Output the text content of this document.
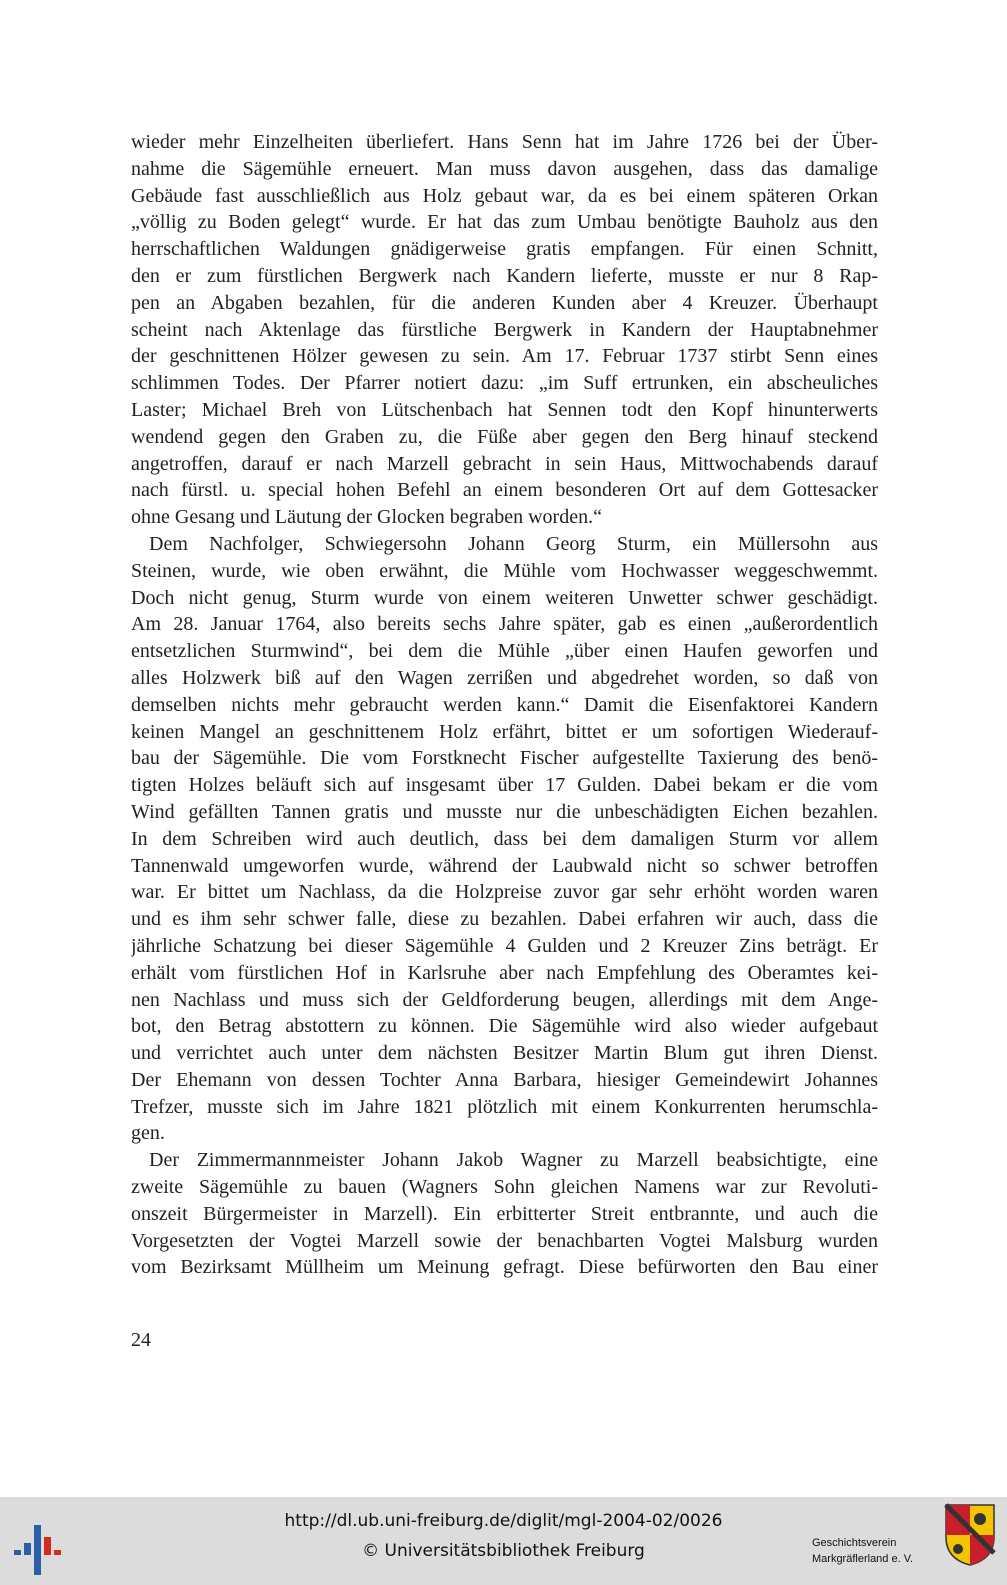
wieder mehr Einzelheiten überliefert. Hans Senn hat im Jahre 1726 bei der Über-
nahme die Sägemühle erneuert. Man muss davon ausgehen, dass das damalige
Gebäude fast ausschließlich aus Holz gebaut war, da es bei einem späteren Orkan
„völlig zu Boden gelegt“ wurde. Er hat das zum Umbau benötigte Bauholz aus den
herrschaftlichen Waldungen gnädigerweise gratis empfangen. Für einen Schnitt,
den er zum fürstlichen Bergwerk nach Kandern lieferte, musste er nur 8 Rap-
pen an Abgaben bezahlen, für die anderen Kunden aber 4 Kreuzer. Überhaupt
scheint nach Aktenlage das fürstliche Bergwerk in Kandern der Hauptabnehmer
der geschnittenen Hölzer gewesen zu sein. Am 17. Februar 1737 stirbt Senn eines
schlimmen Todes. Der Pfarrer notiert dazu: „im Suff ertrunken, ein abscheuliches
Laster; Michael Breh von Lütschenbach hat Sennen todt den Kopf hinunterwerts
wendend gegen den Graben zu, die Füße aber gegen den Berg hinauf steckend
angetroffen, darauf er nach Marzell gebracht in sein Haus, Mittwochabends darauf
nach fürstl. u. special hohen Befehl an einem besonderen Ort auf dem Gottesacker
ohne Gesang und Läutung der Glocken begraben worden.“
Dem Nachfolger, Schwiegersohn Johann Georg Sturm, ein Müllersohn aus
Steinen, wurde, wie oben erwähnt, die Mühle vom Hochwasser weggeschwemmt.
Doch nicht genug, Sturm wurde von einem weiteren Unwetter schwer geschädigt.
Am 28. Januar 1764, also bereits sechs Jahre später, gab es einen „außerordentlich
entsetzlichen Sturmwind“, bei dem die Mühle „über einen Haufen geworfen und
alles Holzwerk biß auf den Wagen zerrißen und abgedrehet worden, so daß von
demselben nichts mehr gebraucht werden kann.“ Damit die Eisenfaktorei Kandern
keinen Mangel an geschnittenem Holz erfährt, bittet er um sofortigen Wiederauf-
bau der Sägemühle. Die vom Forstknecht Fischer aufgestellte Taxierung des benö-
tigten Holzes beläuft sich auf insgesamt über 17 Gulden. Dabei bekam er die vom
Wind gefällten Tannen gratis und musste nur die unbeschädigten Eichen bezahlen.
In dem Schreiben wird auch deutlich, dass bei dem damaligen Sturm vor allem
Tannenwald umgeworfen wurde, während der Laubwald nicht so schwer betroffen
war. Er bittet um Nachlass, da die Holzpreise zuvor gar sehr erhöht worden waren
und es ihm sehr schwer falle, diese zu bezahlen. Dabei erfahren wir auch, dass die
jährliche Schatzung bei dieser Sägemühle 4 Gulden und 2 Kreuzer Zins beträgt. Er
erhält vom fürstlichen Hof in Karlsruhe aber nach Empfehlung des Oberamtes kei-
nen Nachlass und muss sich der Geldforderung beugen, allerdings mit dem Ange-
bot, den Betrag abstottern zu können. Die Sägemühle wird also wieder aufgebaut
und verrichtet auch unter dem nächsten Besitzer Martin Blum gut ihren Dienst.
Der Ehemann von dessen Tochter Anna Barbara, hiesiger Gemeindewirt Johannes
Trefzer, musste sich im Jahre 1821 plötzlich mit einem Konkurrenten herumschla-
gen.
Der Zimmermannmeister Johann Jakob Wagner zu Marzell beabsichtigte, eine
zweite Sägemühle zu bauen (Wagners Sohn gleichen Namens war zur Revoluti-
onszeit Bürgermeister in Marzell). Ein erbitterter Streit entbrannte, und auch die
Vorgesetzten der Vogtei Marzell sowie der benachbarten Vogtei Malsburg wurden
vom Bezirksamt Müllheim um Meinung gefragt. Diese befürworten den Bau einer
24
http://dl.ub.uni-freiburg.de/diglit/mgl-2004-02/0026
© Universitätsbibliothek Freiburg	Geschichtsverein
Markgräflerland e. V.
